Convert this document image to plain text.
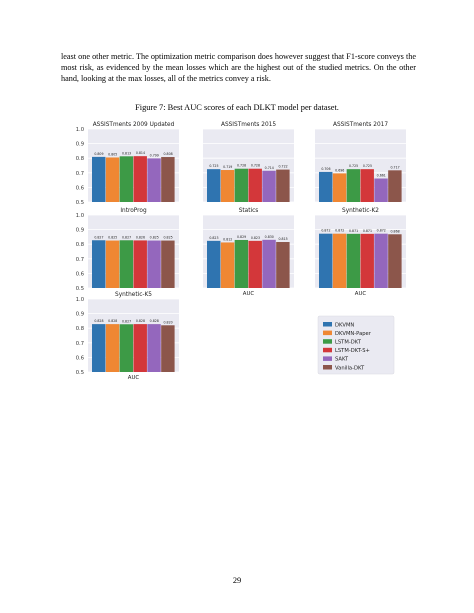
least one other metric. The optimization metric comparison does however suggest that F1-score conveys the most risk, as evidenced by the mean losses which are the highest out of the studied metrics. On the other hand, looking at the max losses, all of the metrics convey a risk.

Figure 7: Best AUC scores of each DLKT model per dataset.

0.5
0.6
0.7
0.8
0.9
1.0
ASSISTments 2009 Updated
0.809 0.805 0.813 0.814
0.799 0.808
ASSISTments 2015
0.725 0.719 0.728 0.728
0.714 0.722
ASSISTments 2017
0.706 0.696
0.725 0.725
0.661
0.717
0.5
0.6
0.7
0.8
0.9
1.0
IntroProg
0.827 0.825 0.827 0.826 0.825 0.825
Statics
0.823 0.812
0.829 0.823 0.830
0.815
AUC
Synthetic-K2
0.872 0.872 0.871 0.871 0.872 0.868
AUC
0.5
0.6
0.7
0.8
0.9
1.0
Synthetic-K5
0.828 0.828 0.827 0.828 0.828 0.820
AUC
DKVMN
DKVMN-Paper
LSTM-DKT
LSTM-DKT-S+
SAKT
Vanilla-DKT

29
